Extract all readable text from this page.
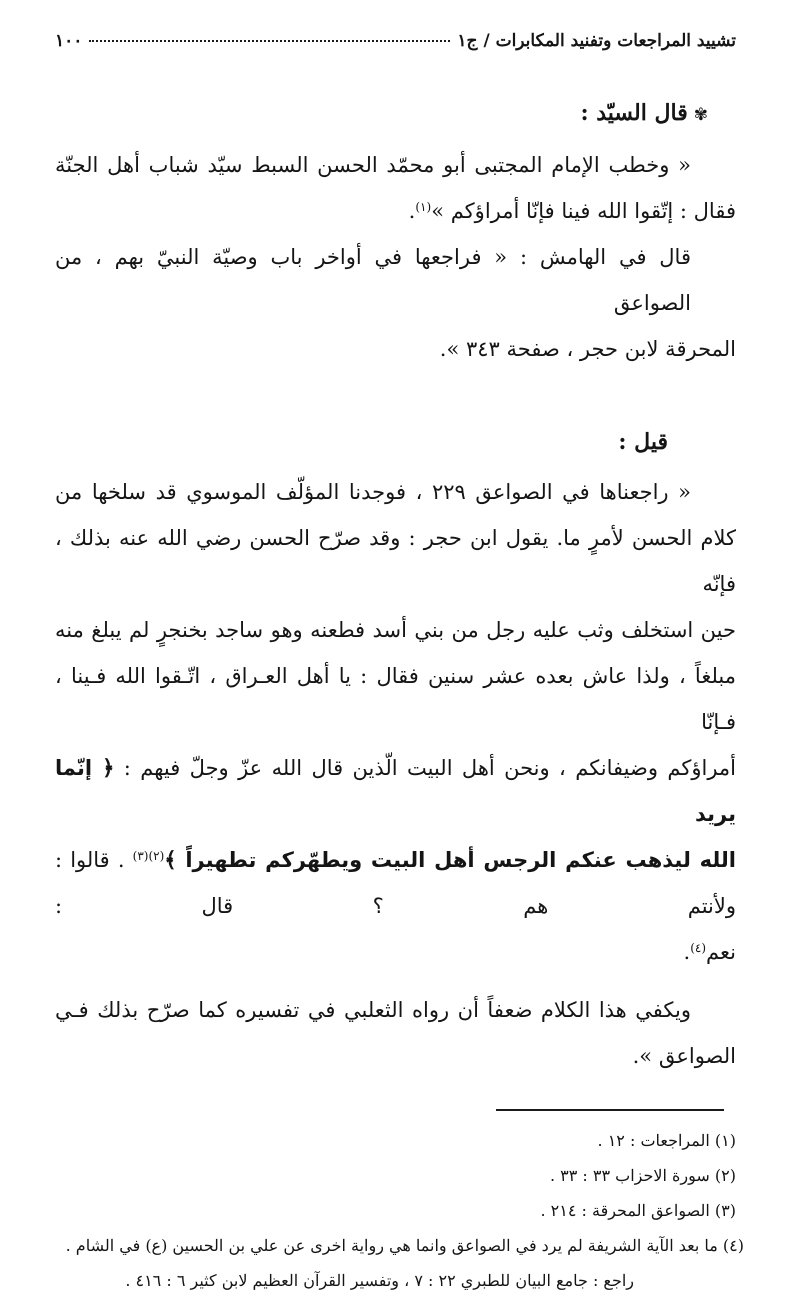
تشييد المراجعات وتفنيد المكابرات / ج١
١٠٠
✾قال السيّد :
« وخطب الإمام المجتبى أبو محمّد الحسن السبط سيّد شباب أهل الجنّة
فقال : إتّقوا الله فينا فإنّا أمراؤكم »$^{(١)}$.
قال في الهامش : « فراجعها في أواخر باب وصيّة النبيّ بهم ، من الصواعق
المحرقة لابن حجر ، صفحة ٣٤٣ ».
قيل :
« راجعناها في الصواعق ٢٢٩ ، فوجدنا المؤلّف الموسوي قد سلخها من
كلام الحسن لأمرٍ ما. يقول ابن حجر : وقد صرّح الحسن رضي الله عنه بذلك ، فإنّه
حين استخلف وثب عليه رجل من بني أسد فطعنه وهو ساجد بخنجرٍ لم يبلغ منه
مبلغاً ، ولذا عاش بعده عشر سنين فقال : يا أهل العـراق ، اتّـقوا الله فـينا ، فـإنّا
أمراؤكم وضيفانكم ، ونحن أهل البيت الّذين قال الله عزّ وجلّ فيهم : ﴿ إنّما يريد
الله ليذهب عنكم الرجس أهل البيت ويطهّركم تطهيراً ﴾$^{(٢)(٣)}$ . قالوا : ولأنتم هم ؟ قال :
نعم$^{(٤)}$.
ويكفي هذا الكلام ضعفاً أن رواه الثعلبي في تفسيره كما صرّح بذلك فـي
الصواعق ».
(١) المراجعات : ١٢ .
(٢) سورة الاحزاب ٣٣ : ٣٣ .
(٣) الصواعق المحرقة : ٢١٤ .
(٤) ما بعد الآية الشريفة لم يرد في الصواعق وانما هي رواية اخرى عن علي بن الحسين (ع) في الشام .
راجع : جامع البيان للطبري ٢٢ : ٧ ، وتفسير القرآن العظيم لابن كثير ٦ : ٤١٦ .
